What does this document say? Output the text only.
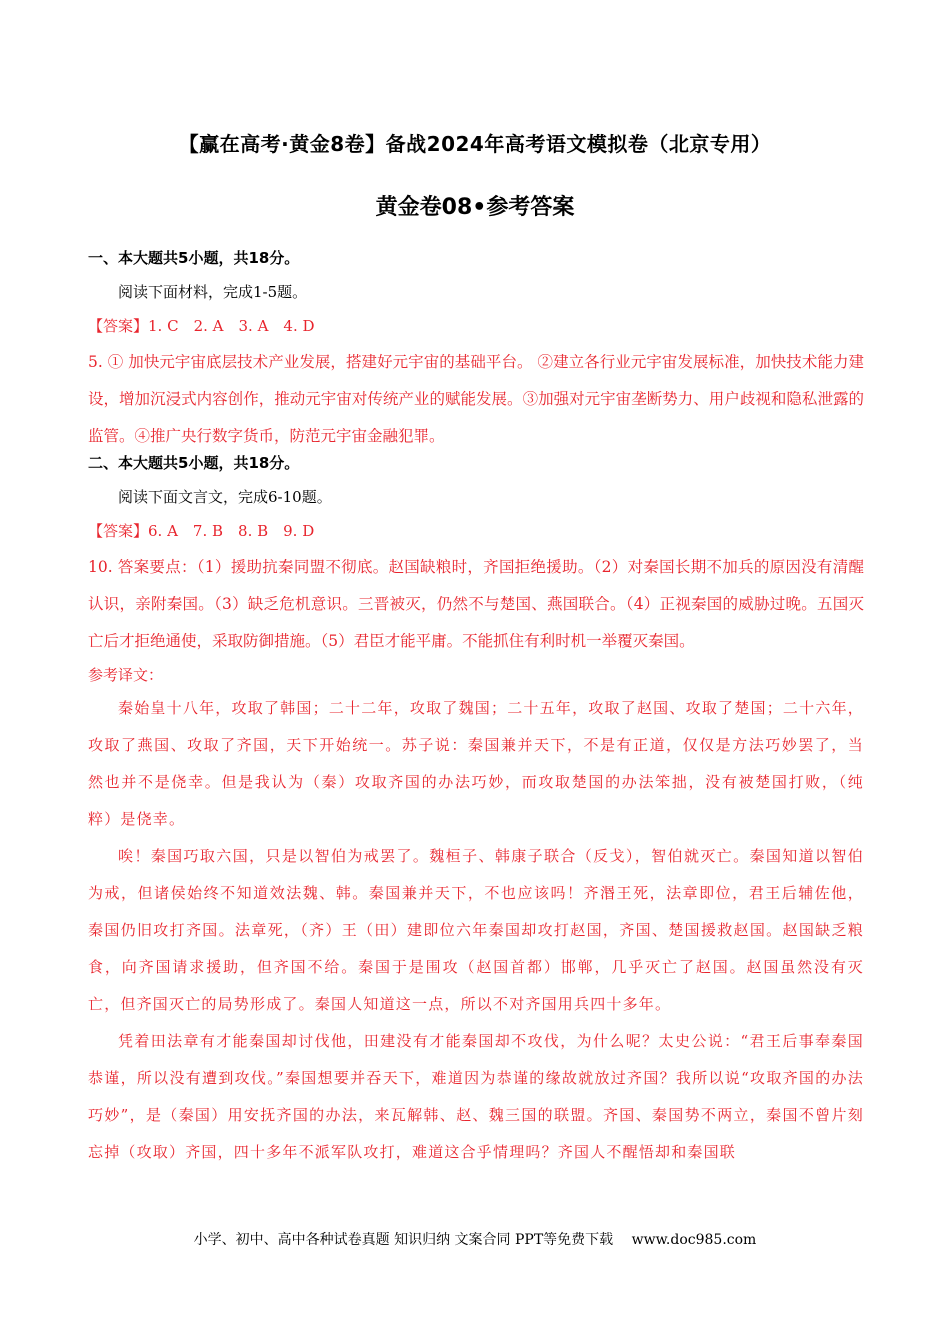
【赢在高考·黄金8卷】备战2024年高考语文模拟卷（北京专用）
黄金卷08•参考答案
一、本大题共5小题，共18分。
阅读下面材料，完成1-5题。
【答案】1. C　2. A　3. A　4. D
5. ① 加快元宇宙底层技术产业发展，搭建好元宇宙的基础平台。 ②建立各行业元宇宙发展标准，加快技术能力建设，增加沉浸式内容创作，推动元宇宙对传统产业的赋能发展。③加强对元宇宙垄断势力、用户歧视和隐私泄露的监管。④推广央行数字货币，防范元宇宙金融犯罪。
二、本大题共5小题，共18分。
阅读下面文言文，完成6-10题。
【答案】6. A　7. B　8. B　9. D
10. 答案要点：（1）援助抗秦同盟不彻底。赵国缺粮时，齐国拒绝援助。（2）对秦国长期不加兵的原因没有清醒认识，亲附秦国。（3）缺乏危机意识。三晋被灭，仍然不与楚国、燕国联合。（4）正视秦国的威胁过晚。五国灭亡后才拒绝通使，采取防御措施。（5）君臣才能平庸。不能抓住有利时机一举覆灭秦国。
参考译文：

秦始皇十八年，攻取了韩国；二十二年，攻取了魏国；二十五年，攻取了赵国、攻取了楚国；二十六年，攻取了燕国、攻取了齐国，天下开始统一。苏子说：秦国兼并天下，不是有正道，仅仅是方法巧妙罢了，当然也并不是侥幸。但是我认为（秦）攻取齐国的办法巧妙，而攻取楚国的办法笨拙，没有被楚国打败，（纯粹）是侥幸。

唉！秦国巧取六国，只是以智伯为戒罢了。魏桓子、韩康子联合（反戈），智伯就灭亡。秦国知道以智伯为戒，但诸侯始终不知道效法魏、韩。秦国兼并天下，不也应该吗！齐湣王死，法章即位，君王后辅佐他，秦国仍旧攻打齐国。法章死，（齐）王（田）建即位六年秦国却攻打赵国，齐国、楚国援救赵国。赵国缺乏粮食，向齐国请求援助，但齐国不给。秦国于是围攻（赵国首都）邯郸，几乎灭亡了赵国。赵国虽然没有灭亡，但齐国灭亡的局势形成了。秦国人知道这一点，所以不对齐国用兵四十多年。

凭着田法章有才能秦国却讨伐他，田建没有才能秦国却不攻伐，为什么呢？太史公说：“君王后事奉秦国恭谨，所以没有遭到攻伐。”秦国想要并吞天下，难道因为恭谨的缘故就放过齐国？我所以说“攻取齐国的办法巧妙”，是（秦国）用安抚齐国的办法，来瓦解韩、赵、魏三国的联盟。齐国、秦国势不两立，秦国不曾片刻忘掉（攻取）齐国，四十多年不派军队攻打，难道这合乎情理吗？齐国人不醒悟却和秦国联

小学、初中、高中各种试卷真题 知识归纳 文案合同 PPT等免费下载　 www.doc985.com
